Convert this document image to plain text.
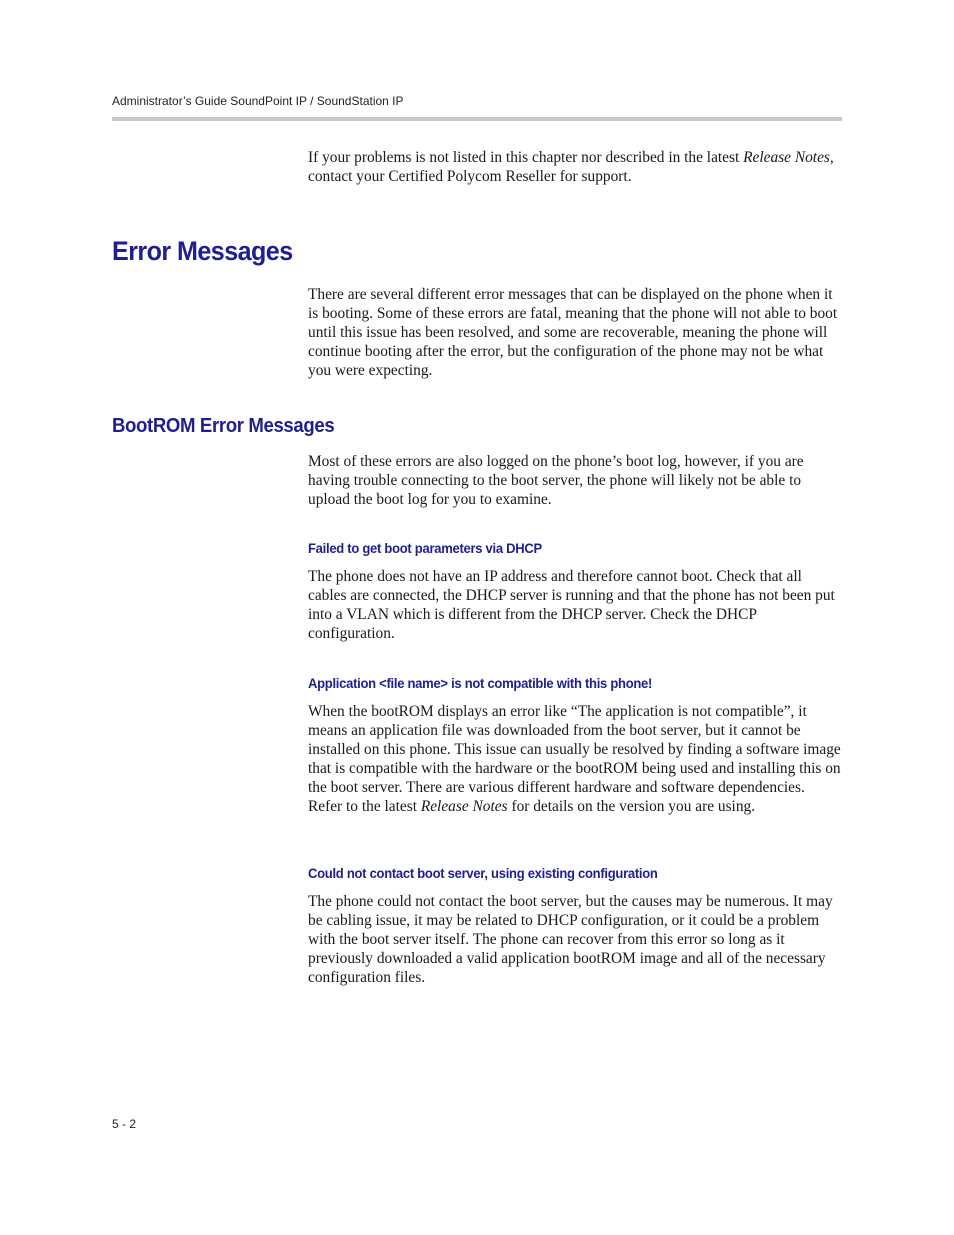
Administrator’s Guide SoundPoint IP / SoundStation IP

If your problems is not listed in this chapter nor described in the latest Release Notes, contact your Certified Polycom Reseller for support.

Error Messages

There are several different error messages that can be displayed on the phone when it is booting. Some of these errors are fatal, meaning that the phone will not able to boot until this issue has been resolved, and some are recoverable, meaning the phone will continue booting after the error, but the configuration of the phone may not be what you were expecting.

BootROM Error Messages

Most of these errors are also logged on the phone’s boot log, however, if you are having trouble connecting to the boot server, the phone will likely not be able to upload the boot log for you to examine.

Failed to get boot parameters via DHCP

The phone does not have an IP address and therefore cannot boot. Check that all cables are connected, the DHCP server is running and that the phone has not been put into a VLAN which is different from the DHCP server. Check the DHCP configuration.

Application <file name> is not compatible with this phone!

When the bootROM displays an error like “The application is not compatible”, it means an application file was downloaded from the boot server, but it cannot be installed on this phone. This issue can usually be resolved by finding a software image that is compatible with the hardware or the bootROM being used and installing this on the boot server. There are various different hardware and software dependencies. Refer to the latest Release Notes for details on the version you are using.

Could not contact boot server, using existing configuration

The phone could not contact the boot server, but the causes may be numerous. It may be cabling issue, it may be related to DHCP configuration, or it could be a problem with the boot server itself. The phone can recover from this error so long as it previously downloaded a valid application bootROM image and all of the necessary configuration files.

5 - 2
